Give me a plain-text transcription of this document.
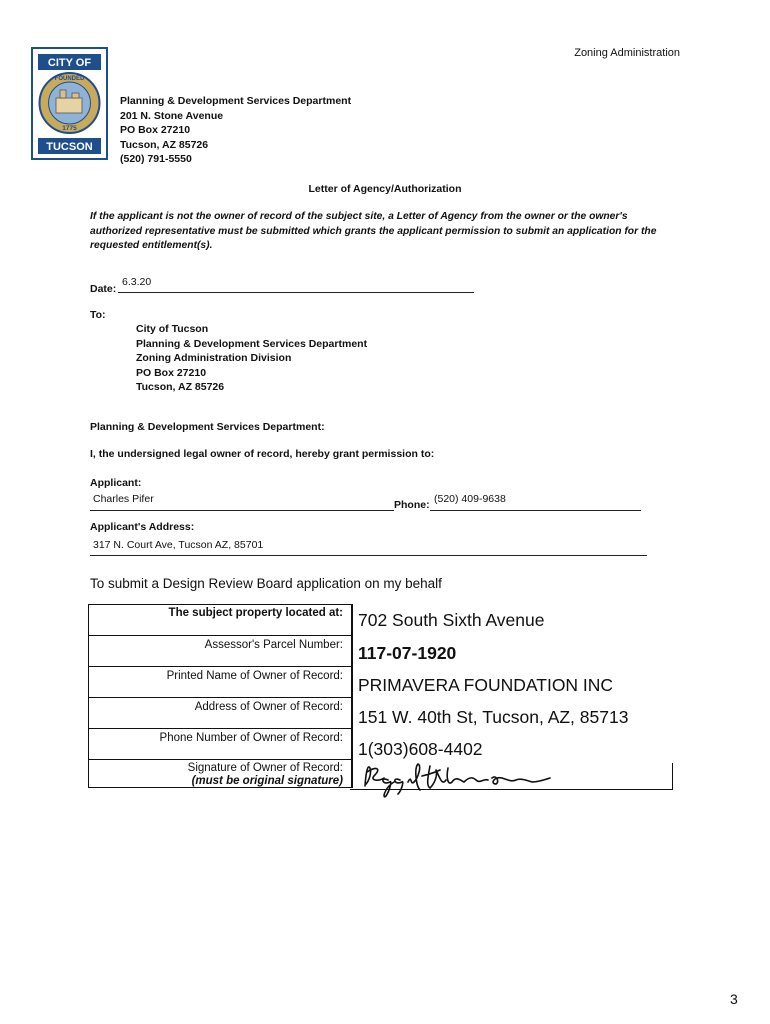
CITY OF
FOUNDED
1775
TUCSON
Zoning Administration
Planning & Development Services Department
201 N. Stone Avenue
PO Box 27210
Tucson, AZ 85726
(520) 791-5550
Letter of Agency/Authorization
If the applicant is not the owner of record of the subject site, a Letter of Agency from the owner or the owner's authorized representative must be submitted which grants the applicant permission to submit an application for the requested entitlement(s).
Date:
6.3.20
To:
City of Tucson
Planning & Development Services Department
Zoning Administration Division
PO Box 27210
Tucson, AZ 85726
Planning & Development Services Department:
I, the undersigned legal owner of record, hereby grant permission to:
Applicant:
Charles Pifer	Phone: (520) 409-9638
Applicant's Address:
317 N. Court Ave, Tucson AZ, 85701
To submit a Design Review Board application on my behalf
The subject property located at:
Assessor's Parcel Number:
Printed Name of Owner of Record:
Address of Owner of Record:
Phone Number of Owner of Record:
Signature of Owner of Record:
(must be original signature)
702 South Sixth Avenue
117-07-1920
PRIMAVERA FOUNDATION INC
151 W. 40th St, Tucson, AZ, 85713
1(303)608-4402
3
